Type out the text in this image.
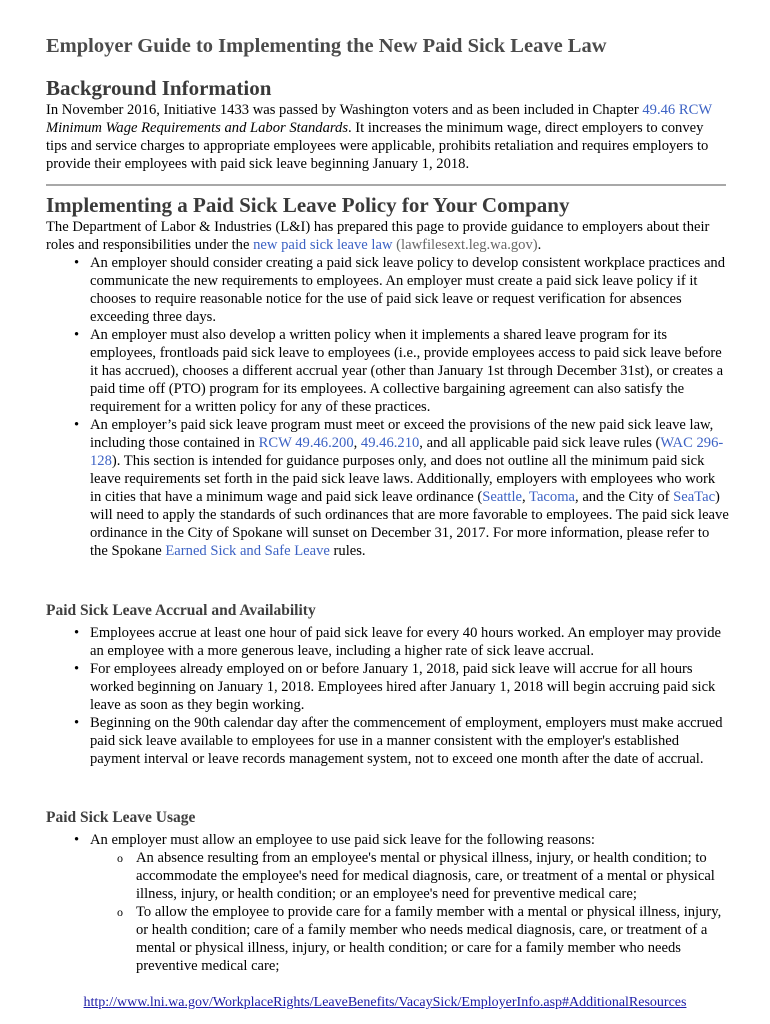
Employer Guide to Implementing the New Paid Sick Leave Law
Background Information

In November 2016, Initiative 1433 was passed by Washington voters and as been included in Chapter 49.46 RCW Minimum Wage Requirements and Labor Standards. It increases the minimum wage, direct employers to convey tips and service charges to appropriate employees were applicable, prohibits retaliation and requires employers to provide their employees with paid sick leave beginning January 1, 2018.

Implementing a Paid Sick Leave Policy for Your Company

The Department of Labor & Industries (L&I) has prepared this page to provide guidance to employers about their roles and responsibilities under the new paid sick leave law (lawfilesext.leg.wa.gov).

• An employer should consider creating a paid sick leave policy to develop consistent workplace practices and communicate the new requirements to employees. An employer must create a paid sick leave policy if it chooses to require reasonable notice for the use of paid sick leave or request verification for absences exceeding three days.
• An employer must also develop a written policy when it implements a shared leave program for its employees, frontloads paid sick leave to employees (i.e., provide employees access to paid sick leave before it has accrued), chooses a different accrual year (other than January 1st through December 31st), or creates a paid time off (PTO) program for its employees. A collective bargaining agreement can also satisfy the requirement for a written policy for any of these practices.
• An employer’s paid sick leave program must meet or exceed the provisions of the new paid sick leave law, including those contained in RCW 49.46.200, 49.46.210, and all applicable paid sick leave rules (WAC 296-128). This section is intended for guidance purposes only, and does not outline all the minimum paid sick leave requirements set forth in the paid sick leave laws. Additionally, employers with employees who work in cities that have a minimum wage and paid sick leave ordinance (Seattle, Tacoma, and the City of SeaTac) will need to apply the standards of such ordinances that are more favorable to employees. The paid sick leave ordinance in the City of Spokane will sunset on December 31, 2017. For more information, please refer to the Spokane Earned Sick and Safe Leave rules.
Paid Sick Leave Accrual and Availability
• Employees accrue at least one hour of paid sick leave for every 40 hours worked. An employer may provide an employee with a more generous leave, including a higher rate of sick leave accrual.
• For employees already employed on or before January 1, 2018, paid sick leave will accrue for all hours worked beginning on January 1, 2018. Employees hired after January 1, 2018 will begin accruing paid sick leave as soon as they begin working.
• Beginning on the 90th calendar day after the commencement of employment, employers must make accrued paid sick leave available to employees for use in a manner consistent with the employer's established payment interval or leave records management system, not to exceed one month after the date of accrual.
Paid Sick Leave Usage
• An employer must allow an employee to use paid sick leave for the following reasons:
o An absence resulting from an employee's mental or physical illness, injury, or health condition; to accommodate the employee's need for medical diagnosis, care, or treatment of a mental or physical illness, injury, or health condition; or an employee's need for preventive medical care;
o To allow the employee to provide care for a family member with a mental or physical illness, injury, or health condition; care of a family member who needs medical diagnosis, care, or treatment of a mental or physical illness, injury, or health condition; or care for a family member who needs preventive medical care;
http://www.lni.wa.gov/WorkplaceRights/LeaveBenefits/VacaySick/EmployerInfo.asp#AdditionalResources
